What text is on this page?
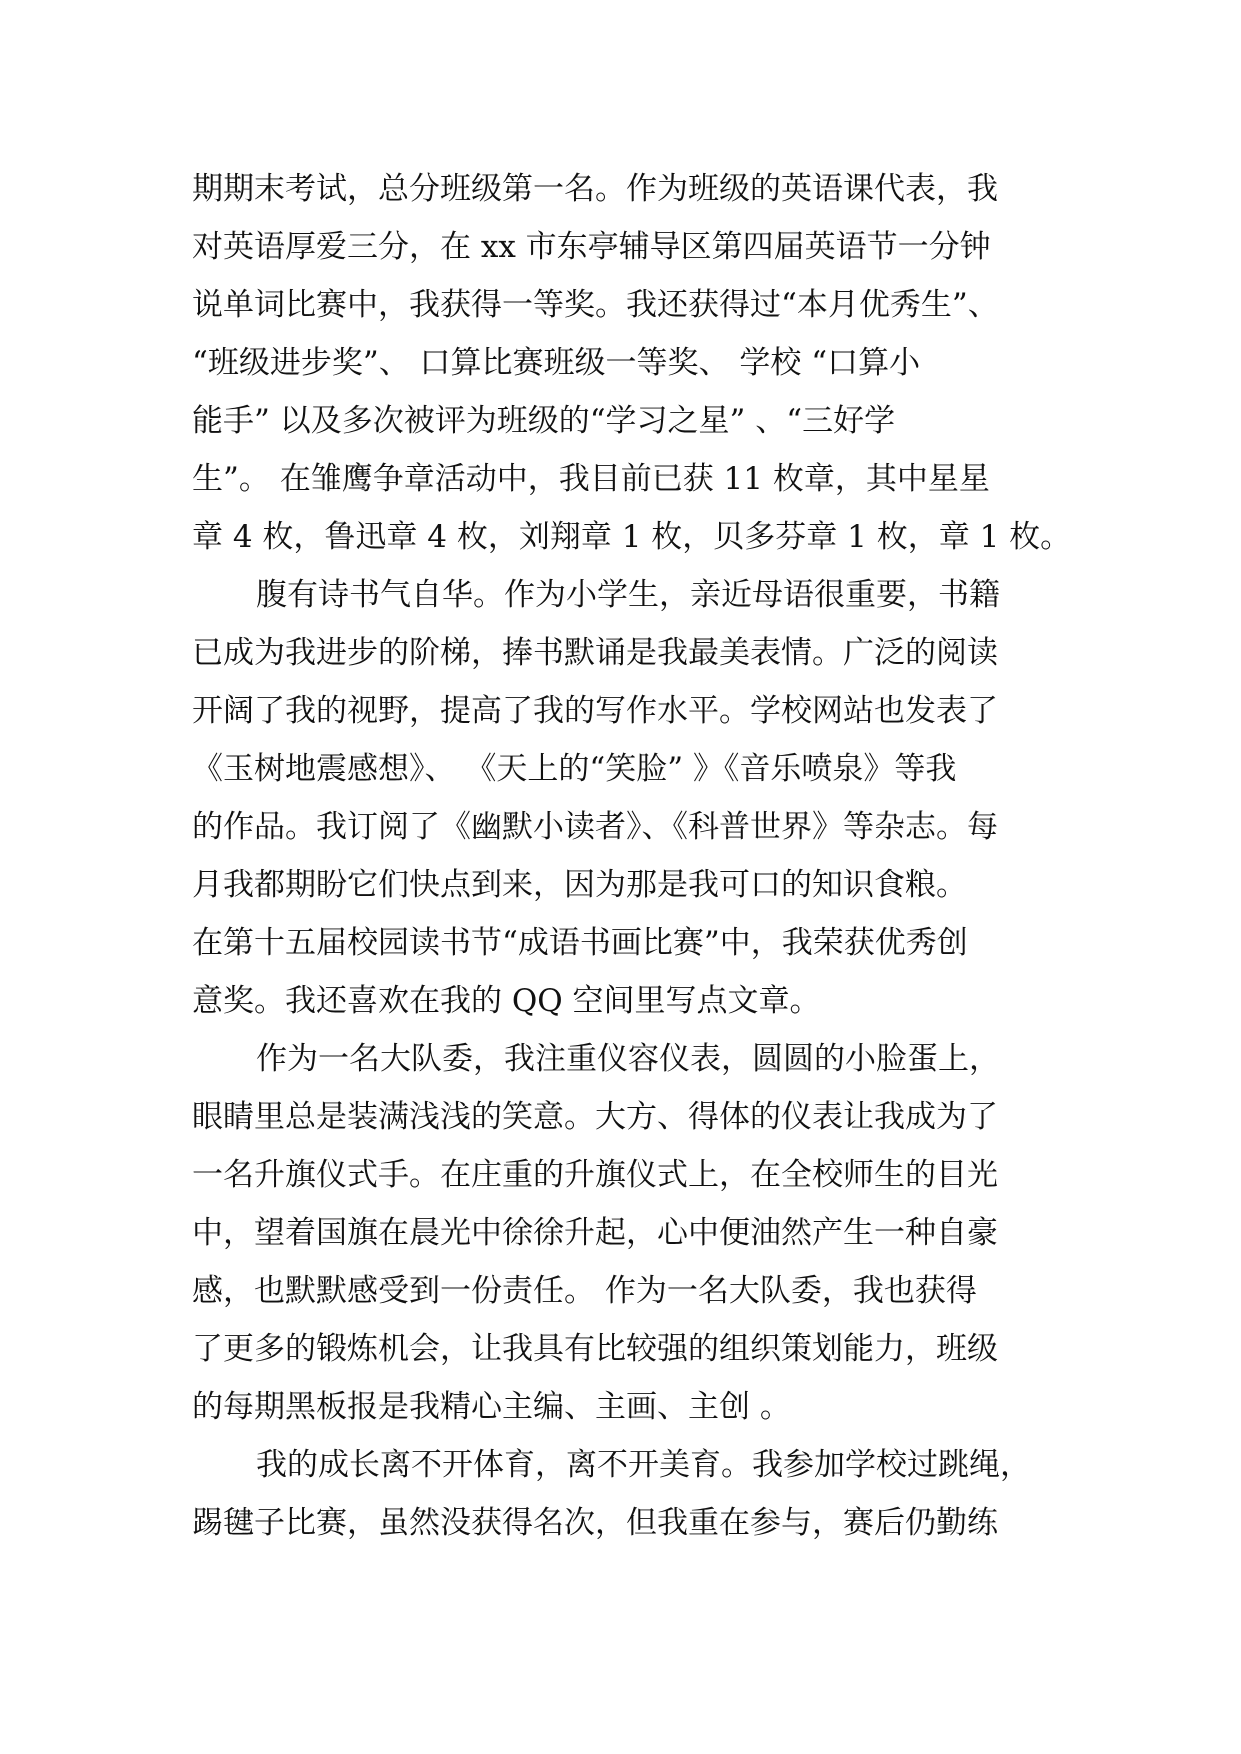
期期末考试，总分班级第一名。作为班级的英语课代表，我

对英语厚爱三分，在 xx 市东亭辅导区第四届英语节一分钟

说单词比赛中，我获得一等奖。我还获得过“本月优秀生”、

“班级进步奖”、 口算比赛班级一等奖、 学校 “口算小

能手” 以及多次被评为班级的“学习之星” 、“三好学

生”。 在雏鹰争章活动中，我目前已获 11 枚章，其中星星

章 4 枚，鲁迅章 4 枚，刘翔章 1 枚，贝多芬章 1 枚，章 1 枚。

腹有诗书气自华。作为小学生，亲近母语很重要，书籍

已成为我进步的阶梯，捧书默诵是我最美表情。广泛的阅读

开阔了我的视野，提高了我的写作水平。学校网站也发表了

《玉树地震感想》、 《天上的“笑脸” 》《音乐喷泉》等我

的作品。我订阅了《幽默小读者》、《科普世界》等杂志。每

月我都期盼它们快点到来，因为那是我可口的知识食粮。

在第十五届校园读书节“成语书画比赛”中，我荣获优秀创

意奖。我还喜欢在我的 QQ 空间里写点文章。

作为一名大队委，我注重仪容仪表，圆圆的小脸蛋上，

眼睛里总是装满浅浅的笑意。大方、得体的仪表让我成为了

一名升旗仪式手。在庄重的升旗仪式上，在全校师生的目光

中，望着国旗在晨光中徐徐升起，心中便油然产生一种自豪

感，也默默感受到一份责任。 作为一名大队委，我也获得

了更多的锻炼机会，让我具有比较强的组织策划能力，班级

的每期黑板报是我精心主编、主画、主创 。

我的成长离不开体育，离不开美育。我参加学校过跳绳，

踢毽子比赛，虽然没获得名次，但我重在参与，赛后仍勤练
